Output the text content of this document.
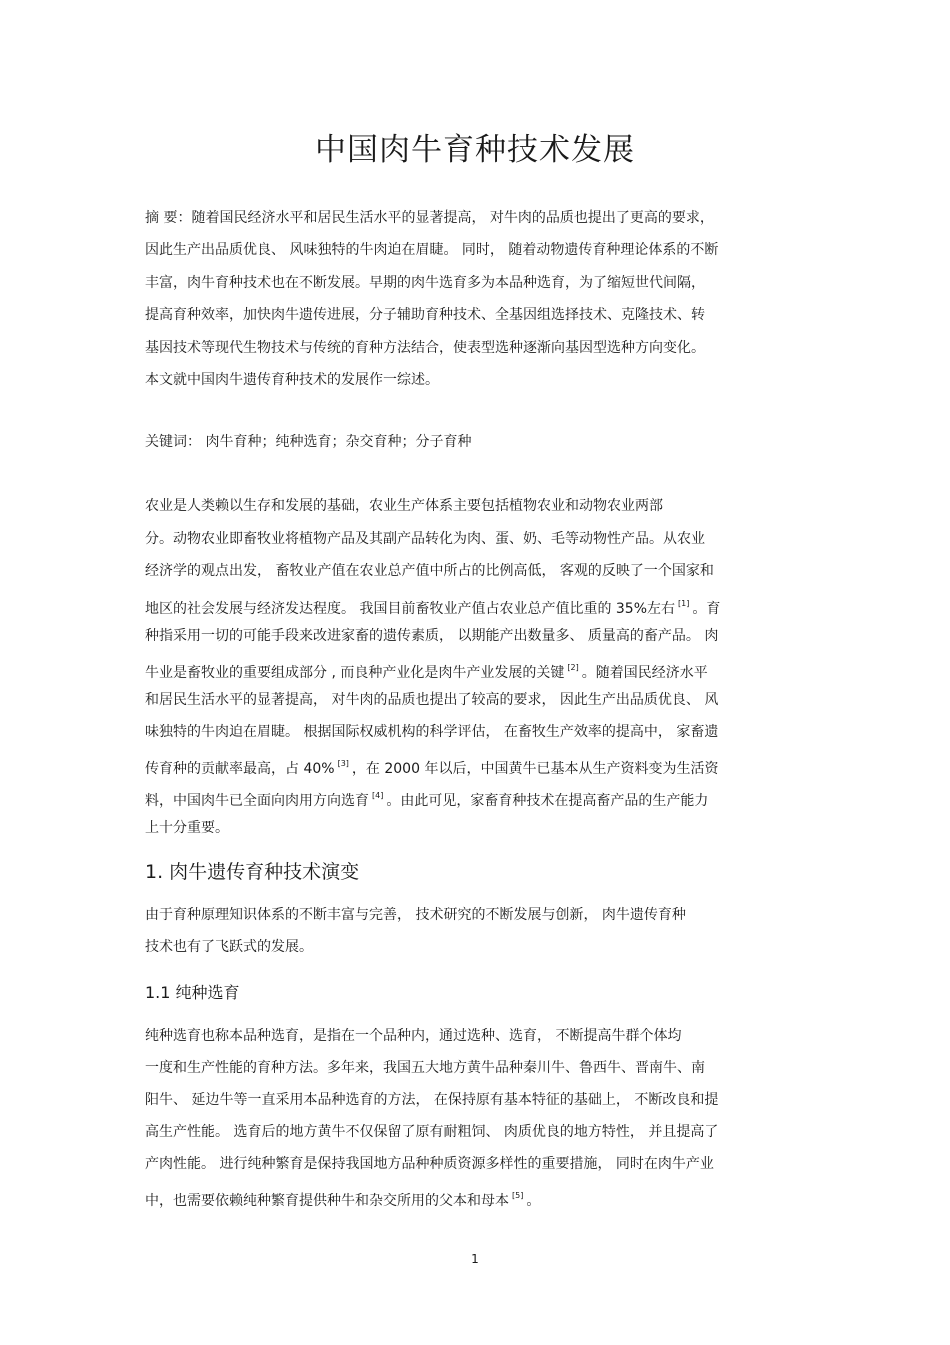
中国肉牛育种技术发展
摘 要：随着国民经济水平和居民生活水平的显著提高， 对牛肉的品质也提出了更高的要求，
因此生产出品质优良、 风味独特的牛肉迫在眉睫。 同时， 随着动物遗传育种理论体系的不断
丰富，肉牛育种技术也在不断发展。早期的肉牛选育多为本品种选育，为了缩短世代间隔，
提高育种效率，加快肉牛遗传进展，分子辅助育种技术、全基因组选择技术、克隆技术、转
基因技术等现代生物技术与传统的育种方法结合，使表型选种逐渐向基因型选种方向变化。
本文就中国肉牛遗传育种技术的发展作一综述。
关键词： 肉牛育种；纯种选育；杂交育种；分子育种
农业是人类赖以生存和发展的基础，农业生产体系主要包括植物农业和动物农业两部
分。动物农业即畜牧业将植物产品及其副产品转化为肉、蛋、奶、毛等动物性产品。从农业
经济学的观点出发， 畜牧业产值在农业总产值中所占的比例高低， 客观的反映了一个国家和
地区的社会发展与经济发达程度。 我国目前畜牧业产值占农业总产值比重的 35%左右 [1] 。育
种指采用一切的可能手段来改进家畜的遗传素质， 以期能产出数量多、 质量高的畜产品。 肉
牛业是畜牧业的重要组成部分 , 而良种产业化是肉牛产业发展的关键 [2] 。随着国民经济水平
和居民生活水平的显著提高， 对牛肉的品质也提出了较高的要求， 因此生产出品质优良、 风
味独特的牛肉迫在眉睫。 根据国际权威机构的科学评估， 在畜牧生产效率的提高中， 家畜遗
传育种的贡献率最高，占 40% [3] ，在 2000 年以后，中国黄牛已基本从生产资料变为生活资
料，中国肉牛已全面向肉用方向选育 [4] 。由此可见，家畜育种技术在提高畜产品的生产能力
上十分重要。
1. 肉牛遗传育种技术演变
由于育种原理知识体系的不断丰富与完善， 技术研究的不断发展与创新， 肉牛遗传育种
技术也有了飞跃式的发展。
1.1 纯种选育
纯种选育也称本品种选育，是指在一个品种内，通过选种、选育， 不断提高牛群个体均
一度和生产性能的育种方法。多年来，我国五大地方黄牛品种秦川牛、鲁西牛、晋南牛、南
阳牛、 延边牛等一直采用本品种选育的方法， 在保持原有基本特征的基础上， 不断改良和提
高生产性能。 选育后的地方黄牛不仅保留了原有耐粗饲、 肉质优良的地方特性， 并且提高了
产肉性能。 进行纯种繁育是保持我国地方品种种质资源多样性的重要措施， 同时在肉牛产业
中，也需要依赖纯种繁育提供种牛和杂交所用的父本和母本 [5] 。
1
